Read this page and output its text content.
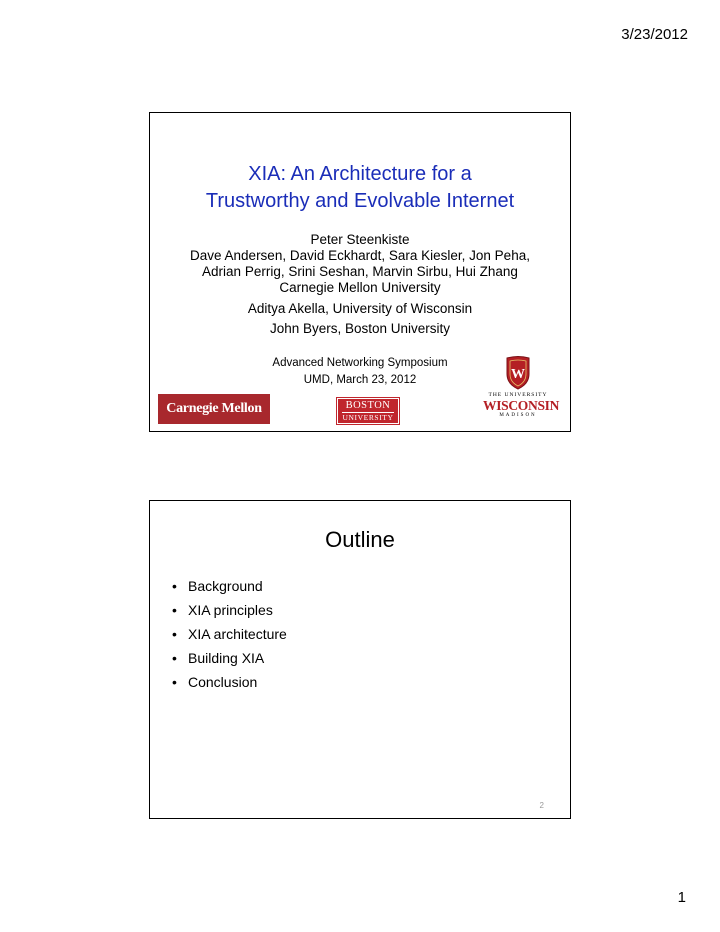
3/23/2012
XIA: An Architecture for a
Trustworthy and Evolvable Internet
Peter Steenkiste
Dave Andersen, David Eckhardt, Sara Kiesler, Jon Peha,
Adrian Perrig, Srini Seshan, Marvin Sirbu, Hui Zhang
Carnegie Mellon University
Aditya Akella, University of Wisconsin
John Byers, Boston University
Advanced Networking Symposium
UMD, March 23, 2012
Carnegie Mellon	BOSTON
UNIVERSITY
W
THE UNIVERSITY
WISCONSIN
MADISON
Outline
• Background
• XIA principles
• XIA architecture
• Building XIA
• Conclusion
2
1
